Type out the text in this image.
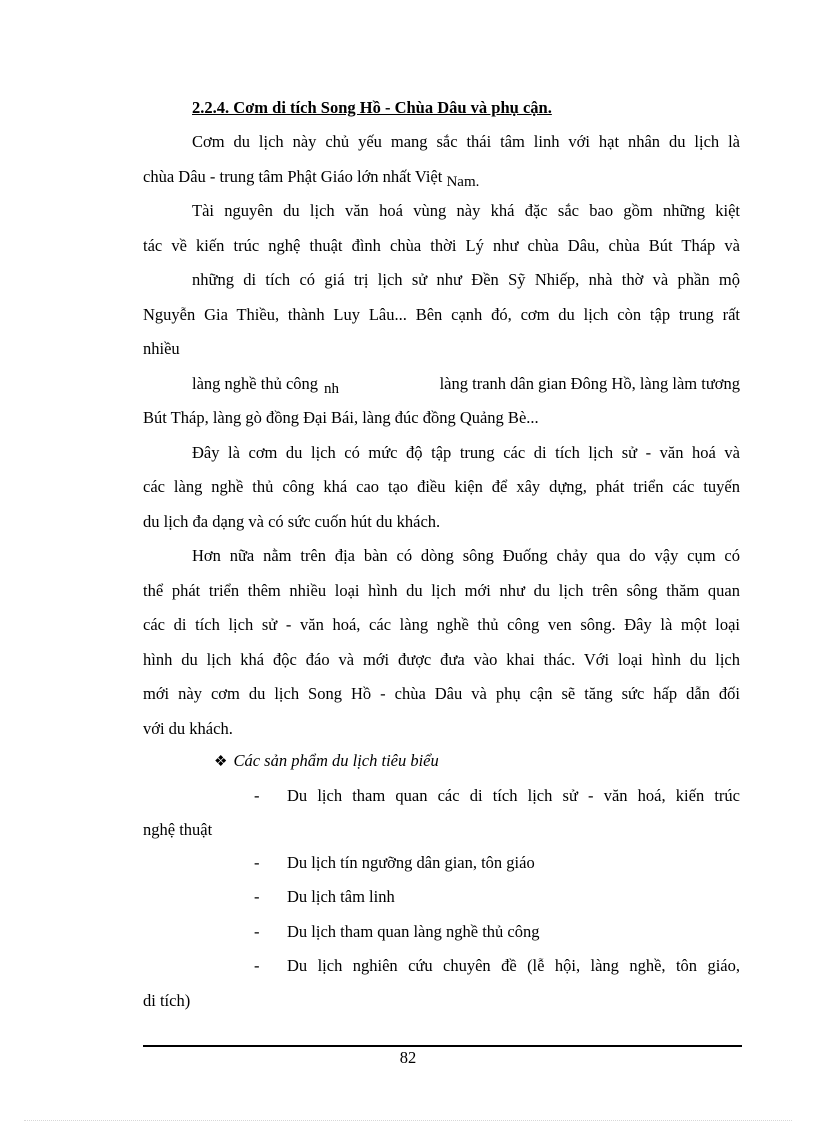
2.2.4. Cơm di tích Song Hồ - Chùa Dâu và phụ cận.
Cơm du lịch này chủ yếu mang sắc thái tâm linh với hạt nhân du lịch là
chùa Dâu - trung tâm Phật Giáo lớn nhất Việt Nam.
Tài nguyên du lịch văn hoá vùng này khá đặc sắc bao gồm những kiệt
tác về kiến trúc nghệ thuật đình chùa thời Lý như chùa Dâu, chùa Bút Tháp và
những di tích có giá trị lịch sử như Đền Sỹ Nhiếp, nhà thờ và phần mộ
Nguyễn Gia Thiều, thành Luy Lâu... Bên cạnh đó, cơm du lịch còn tập trung rất
nhiều
làng nghề thủ công nh	làng tranh dân gian Đông Hồ, làng làm tương
Bút Tháp, làng gò đồng Đại Bái, làng đúc đồng Quảng Bè...
Đây là cơm du lịch có mức độ tập trung các di tích lịch sử - văn hoá và
các làng nghề thủ công khá cao tạo điều kiện để xây dựng, phát triển các tuyến
du lịch đa dạng và có sức cuốn hút du khách.
Hơn nữa nằm trên địa bàn có dòng sông Đuống chảy qua do vậy cụm có
thể phát triển thêm nhiều loại hình du lịch mới như du lịch trên sông thăm quan
các di tích lịch sử - văn hoá, các làng nghề thủ công ven sông. Đây là một loại
hình du lịch khá độc đáo và mới được đưa vào khai thác. Với loại hình du lịch
mới này cơm du lịch Song Hồ - chùa Dâu và phụ cận sẽ tăng sức hấp dẫn đối
với du khách.
❖ Các sản phẩm du lịch tiêu biểu
- Du lịch tham quan các di tích lịch sử - văn hoá, kiến trúc
nghệ thuật
- Du lịch tín ngưỡng dân gian, tôn giáo
- Du lịch tâm linh
- Du lịch tham quan làng nghề thủ công
- Du lịch nghiên cứu chuyên đề (lễ hội, làng nghề, tôn giáo,
di tích)
82
